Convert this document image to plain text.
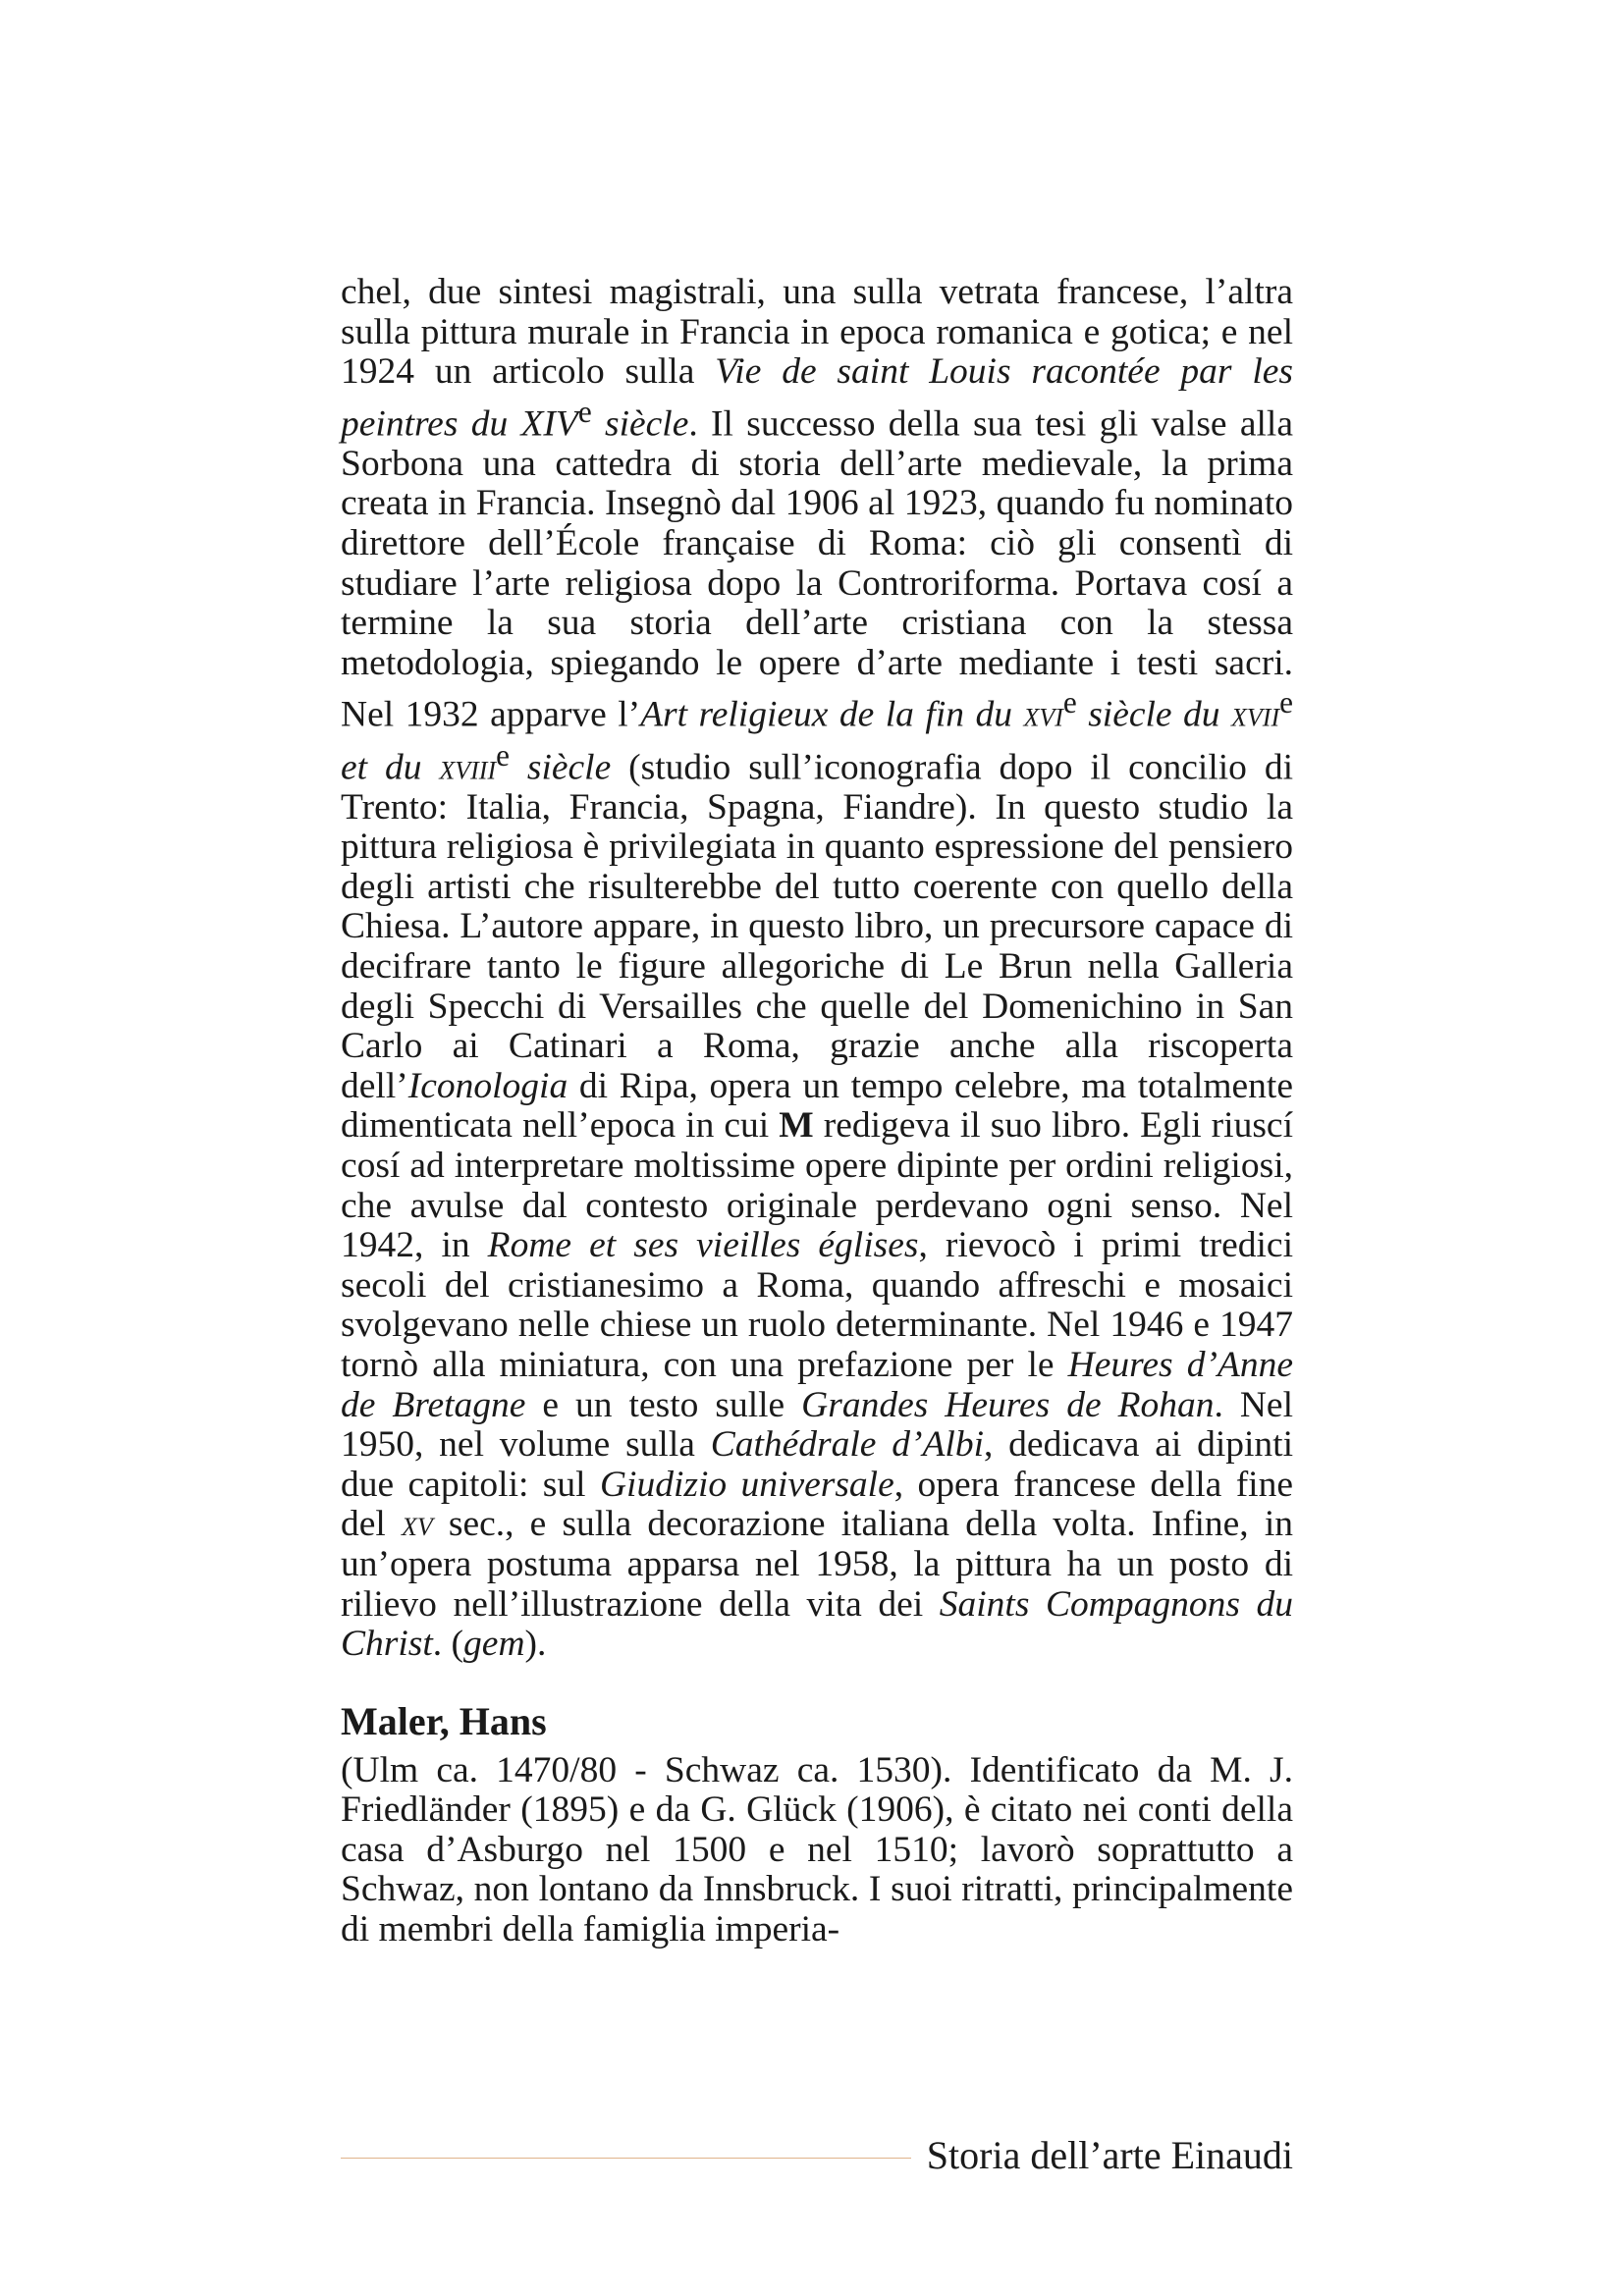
chel, due sintesi magistrali, una sulla vetrata francese, l’altra sulla pittura murale in Francia in epoca romanica e gotica; e nel 1924 un articolo sulla Vie de saint Louis racontée par les peintres du XIVe siècle. Il successo della sua tesi gli valse alla Sorbona una cattedra di storia dell’arte medievale, la prima creata in Francia. Insegnò dal 1906 al 1923, quando fu nominato direttore dell’École française di Roma: ciò gli consentì di studiare l’arte religiosa dopo la Controriforma. Portava cosí a termine la sua storia dell’arte cristiana con la stessa metodologia, spiegando le opere d’arte mediante i testi sacri. Nel 1932 apparve l’Art religieux de la fin du xvi$^e$ siècle du xvii$^e$ et du xviii$^e$ siècle (studio sull’iconografia dopo il concilio di Trento: Italia, Francia, Spagna, Fiandre). In questo studio la pittura religiosa è privilegiata in quanto espressione del pensiero degli artisti che risulterebbe del tutto coerente con quello della Chiesa. L’autore appare, in questo libro, un precursore capace di decifrare tanto le figure allegoriche di Le Brun nella Galleria degli Specchi di Versailles che quelle del Domenichino in San Carlo ai Catinari a Roma, grazie anche alla riscoperta dell’Iconologia di Ripa, opera un tempo celebre, ma totalmente dimenticata nell’epoca in cui M redigeva il suo libro. Egli riuscí cosí ad interpretare moltissime opere dipinte per ordini religiosi, che avulse dal contesto originale perdevano ogni senso. Nel 1942, in Rome et ses vieilles églises, rievocò i primi tredici secoli del cristianesimo a Roma, quando affreschi e mosaici svolgevano nelle chiese un ruolo determinante. Nel 1946 e 1947 tornò alla miniatura, con una prefazione per le Heures d’Anne de Bretagne e un testo sulle Grandes Heures de Rohan. Nel 1950, nel volume sulla Cathédrale d’Albi, dedicava ai dipinti due capitoli: sul Giudizio universale, opera francese della fine del xv sec., e sulla decorazione italiana della volta. Infine, in un’opera postuma apparsa nel 1958, la pittura ha un posto di rilievo nell’illustrazione della vita dei Saints Compagnons du Christ. (gem).

Maler, Hans

(Ulm ca. 1470/80 - Schwaz ca. 1530). Identificato da M. J. Friedländer (1895) e da G. Glück (1906), è citato nei conti della casa d’Asburgo nel 1500 e nel 1510; lavorò soprattutto a Schwaz, non lontano da Innsbruck. I suoi ritratti, principalmente di membri della famiglia imperia-

Storia dell’arte Einaudi
